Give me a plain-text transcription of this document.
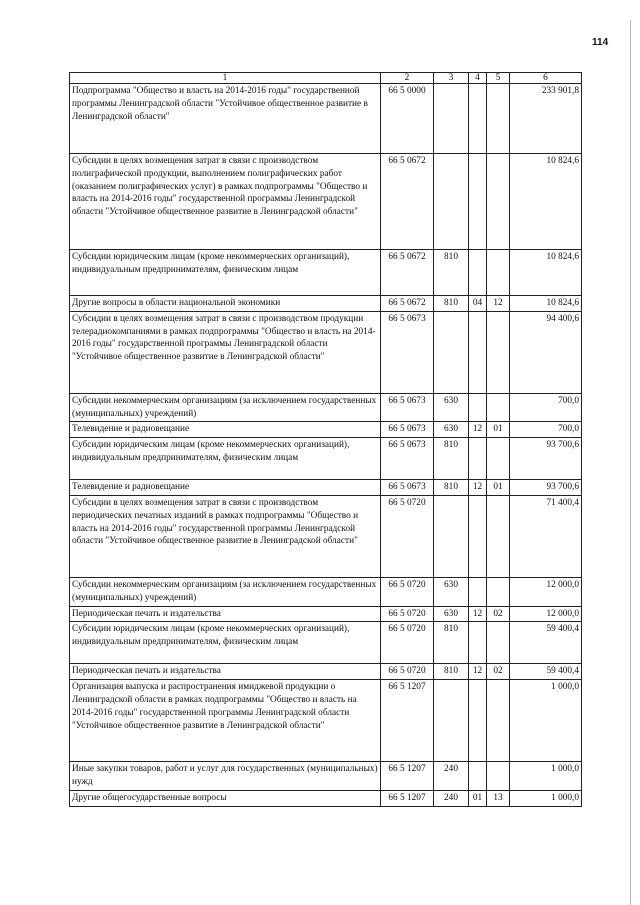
114
1	2	3	4	5	6
Подпрограмма "Общество и власть на 2014-2016 годы" государственной программы Ленинградской области "Устойчивое общественное развитие в Ленинградской области"	66 5 0000				233 901,8
Субсидии в целях возмещения затрат в связи с производством полиграфической продукции, выполнением полиграфических работ (оказанием полиграфических услуг) в рамках подпрограммы "Общество и власть на 2014-2016 годы" государственной программы Ленинградской области "Устойчивое общественное развитие в Ленинградской области"	66 5 0672				10 824,6
Субсидии юридическим лицам (кроме некоммерческих организаций), индивидуальным предпринимателям, физическим лицам	66 5 0672	810			10 824,6
Другие вопросы в области национальной экономики	66 5 0672	810	04	12	10 824,6
Субсидии в целях возмещения затрат в связи с производством продукции телерадиокомпаниями в рамках подпрограммы "Общество и власть на 2014-2016 годы" государственной программы Ленинградской области "Устойчивое общественное развитие в Ленинградской области"	66 5 0673				94 400,6
Субсидии некоммерческим организациям (за исключением государственных (муниципальных) учреждений)	66 5 0673	630			700,0
Телевидение и радиовещание	66 5 0673	630	12	01	700,0
Субсидии юридическим лицам (кроме некоммерческих организаций), индивидуальным предпринимателям, физическим лицам	66 5 0673	810			93 700,6
Телевидение и радиовещание	66 5 0673	810	12	01	93 700,6
Субсидии в целях возмещения затрат в связи с производством периодических печатных изданий в рамках подпрограммы "Общество и власть на 2014-2016 годы" государственной программы Ленинградской области "Устойчивое общественное развитие в Ленинградской области"	66 5 0720				71 400,4
Субсидии некоммерческим организациям (за исключением государственных (муниципальных) учреждений)	66 5 0720	630			12 000,0
Периодическая печать и издательства	66 5 0720	630	12	02	12 000,0
Субсидии юридическим лицам (кроме некоммерческих организаций), индивидуальным предпринимателям, физическим лицам	66 5 0720	810			59 400,4
Периодическая печать и издательства	66 5 0720	810	12	02	59 400,4
Организация выпуска и распространения имиджевой продукции о Ленинградской области в рамках подпрограммы "Общество и власть на 2014-2016 годы" государственной программы Ленинградской области "Устойчивое общественное развитие в Ленинградской области"	66 5 1207				1 000,0
Иные закупки товаров, работ и услуг для государственных (муниципальных) нужд	66 5 1207	240			1 000,0
Другие общегосударственные вопросы	66 5 1207	240	01	13	1 000,0
